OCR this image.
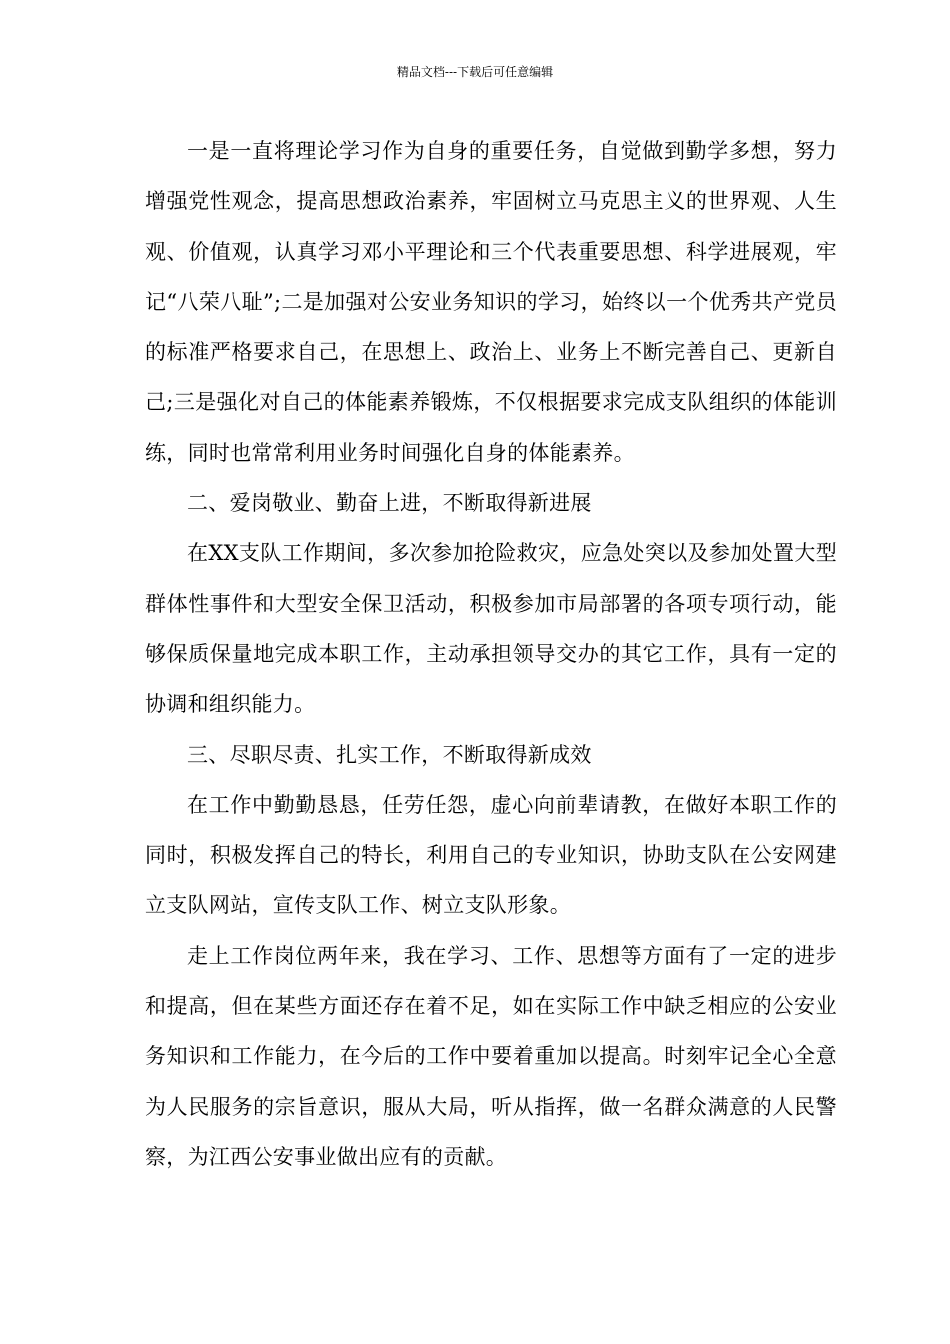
精品文档---下载后可任意编辑

一是一直将理论学习作为自身的重要任务，自觉做到勤学多想，努力增强党性观念，提高思想政治素养，牢固树立马克思主义的世界观、人生观、价值观，认真学习邓小平理论和三个代表重要思想、科学进展观，牢记“八荣八耻”;二是加强对公安业务知识的学习，始终以一个优秀共产党员的标准严格要求自己，在思想上、政治上、业务上不断完善自己、更新自己;三是强化对自己的体能素养锻炼，不仅根据要求完成支队组织的体能训练，同时也常常利用业务时间强化自身的体能素养。

二、爱岗敬业、勤奋上进，不断取得新进展

在XX支队工作期间，多次参加抢险救灾，应急处突以及参加处置大型群体性事件和大型安全保卫活动，积极参加市局部署的各项专项行动，能够保质保量地完成本职工作，主动承担领导交办的其它工作，具有一定的协调和组织能力。

三、尽职尽责、扎实工作，不断取得新成效

在工作中勤勤恳恳，任劳任怨，虚心向前辈请教，在做好本职工作的同时，积极发挥自己的特长，利用自己的专业知识，协助支队在公安网建立支队网站，宣传支队工作、树立支队形象。

走上工作岗位两年来，我在学习、工作、思想等方面有了一定的进步和提高，但在某些方面还存在着不足，如在实际工作中缺乏相应的公安业务知识和工作能力，在今后的工作中要着重加以提高。时刻牢记全心全意为人民服务的宗旨意识，服从大局，听从指挥，做一名群众满意的人民警察，为江西公安事业做出应有的贡献。
